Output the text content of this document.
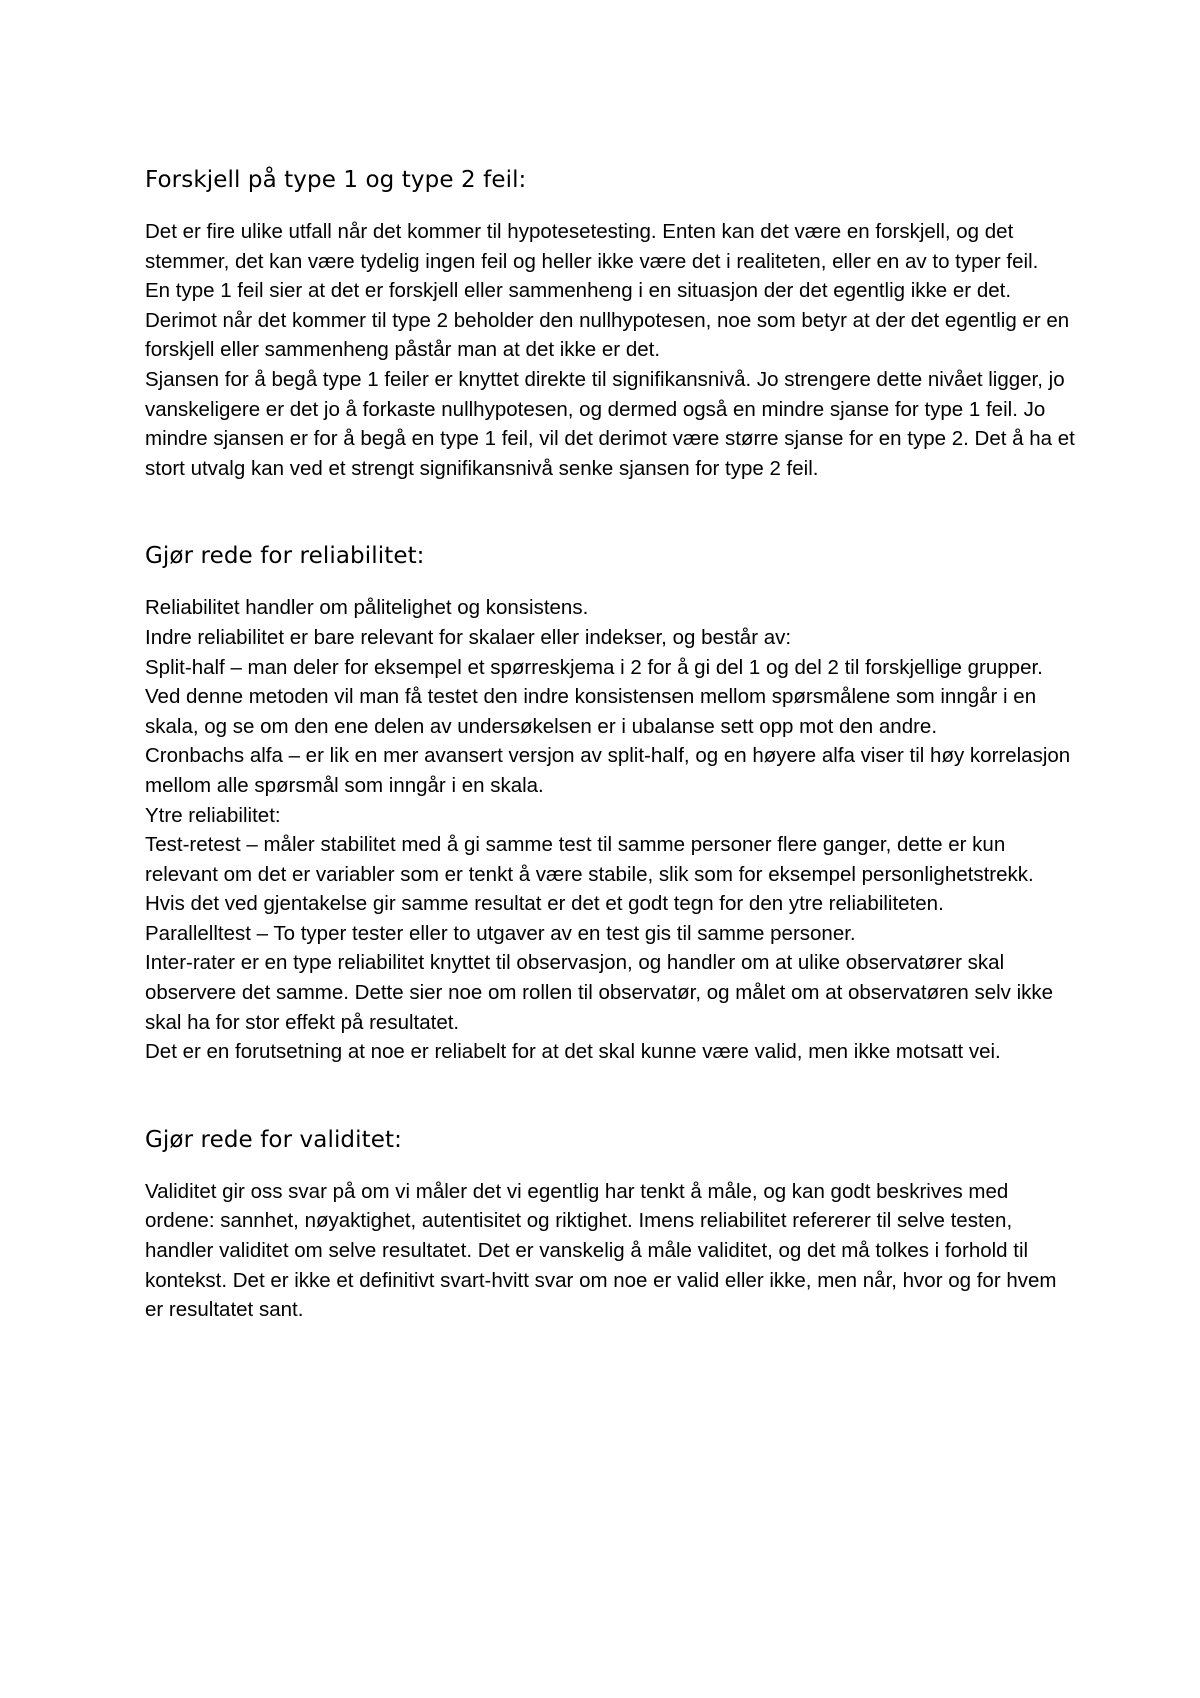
Forskjell på type 1 og type 2 feil:

Det er fire ulike utfall når det kommer til hypotesetesting. Enten kan det være en forskjell, og det stemmer, det kan være tydelig ingen feil og heller ikke være det i realiteten, eller en av to typer feil.

En type 1 feil sier at det er forskjell eller sammenheng i en situasjon der det egentlig ikke er det.

Derimot når det kommer til type 2 beholder den nullhypotesen, noe som betyr at der det egentlig er en forskjell eller sammenheng påstår man at det ikke er det.

Sjansen for å begå type 1 feiler er knyttet direkte til signifikansnivå. Jo strengere dette nivået ligger, jo vanskeligere er det jo å forkaste nullhypotesen, og dermed også en mindre sjanse for type 1 feil. Jo mindre sjansen er for å begå en type 1 feil, vil det derimot være større sjanse for en type 2. Det å ha et stort utvalg kan ved et strengt signifikansnivå senke sjansen for type 2 feil.

Gjør rede for reliabilitet:

Reliabilitet handler om pålitelighet og konsistens.

Indre reliabilitet er bare relevant for skalaer eller indekser, og består av:

Split-half – man deler for eksempel et spørreskjema i 2 for å gi del 1 og del 2 til forskjellige grupper. Ved denne metoden vil man få testet den indre konsistensen mellom spørsmålene som inngår i en skala, og se om den ene delen av undersøkelsen er i ubalanse sett opp mot den andre.

Cronbachs alfa – er lik en mer avansert versjon av split-half, og en høyere alfa viser til høy korrelasjon mellom alle spørsmål som inngår i en skala.

Ytre reliabilitet:

Test-retest – måler stabilitet med å gi samme test til samme personer flere ganger, dette er kun relevant om det er variabler som er tenkt å være stabile, slik som for eksempel personlighetstrekk. Hvis det ved gjentakelse gir samme resultat er det et godt tegn for den ytre reliabiliteten.

Parallelltest – To typer tester eller to utgaver av en test gis til samme personer.

Inter-rater er en type reliabilitet knyttet til observasjon, og handler om at ulike observatører skal observere det samme. Dette sier noe om rollen til observatør, og målet om at observatøren selv ikke skal ha for stor effekt på resultatet.

Det er en forutsetning at noe er reliabelt for at det skal kunne være valid, men ikke motsatt vei.

Gjør rede for validitet:

Validitet gir oss svar på om vi måler det vi egentlig har tenkt å måle, og kan godt beskrives med ordene: sannhet, nøyaktighet, autentisitet og riktighet. Imens reliabilitet refererer til selve testen, handler validitet om selve resultatet. Det er vanskelig å måle validitet, og det må tolkes i forhold til kontekst. Det er ikke et definitivt svart-hvitt svar om noe er valid eller ikke, men når, hvor og for hvem er resultatet sant.
